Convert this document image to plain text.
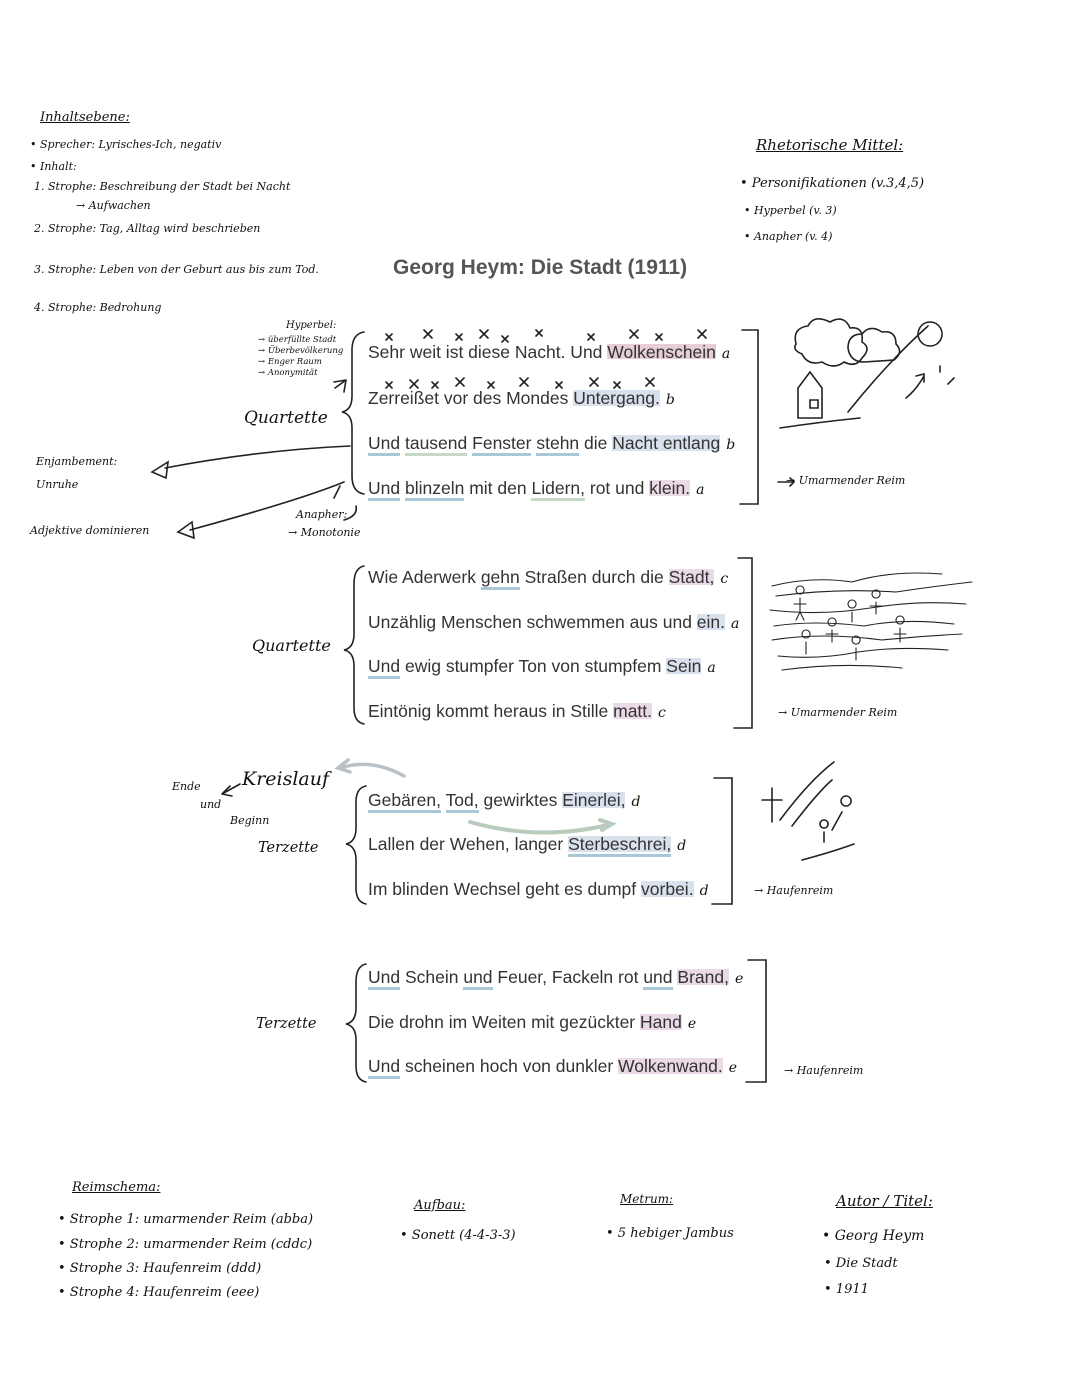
Georg Heym: Die Stadt (1911)
Inhaltsebene:
• Sprecher: Lyrisches-Ich, negativ
• Inhalt:
1. Strophe: Beschreibung der Stadt bei Nacht
→ Aufwachen
2. Strophe: Tag, Alltag wird beschrieben
3. Strophe: Leben von der Geburt aus bis zum Tod.
4. Strophe: Bedrohung
Rhetorische Mittel:
• Personifikationen (v.3,4,5)
• Hyperbel (v. 3)
• Anapher (v. 4)
Hyperbel:
→ überfüllte Stadt
→ Überbevölkerung
→ Enger Raum
→ Anonymität
Quartette
Enjambement:
Unruhe
Adjektive dominieren
Anapher:
→ Monotonie
Quartette
Kreislauf
Ende
und
Beginn
Terzette
Terzette
→ Umarmender Reim
→ Umarmender Reim
→ Haufenreim
→ Haufenreim
Sehr weit ist diese Nacht. Und Wolkenschein a
Zerreißet vor des Mondes Untergang. b
Und tausend Fenster stehn die Nacht entlang b
Und blinzeln mit den Lidern, rot und klein. a
Wie Aderwerk gehn Straßen durch die Stadt, c
Unzählig Menschen schwemmen aus und ein. a
Und ewig stumpfer Ton von stumpfem Sein a
Eintönig kommt heraus in Stille matt. c
Gebären, Tod, gewirktes Einerlei, d
Lallen der Wehen, langer Sterbeschrei, d
Im blinden Wechsel geht es dumpf vorbei. d
Und Schein und Feuer, Fackeln rot und Brand, e
Die drohn im Weiten mit gezückter Hand e
Und scheinen hoch von dunkler Wolkenwand. e
Reimschema:
• Strophe 1: umarmender Reim (abba)
• Strophe 2: umarmender Reim (cddc)
• Strophe 3: Haufenreim (ddd)
• Strophe 4: Haufenreim (eee)
Aufbau:
• Sonett (4-4-3-3)
Metrum:
• 5 hebiger Jambus
Autor / Titel:
• Georg Heym
• Die Stadt
• 1911
